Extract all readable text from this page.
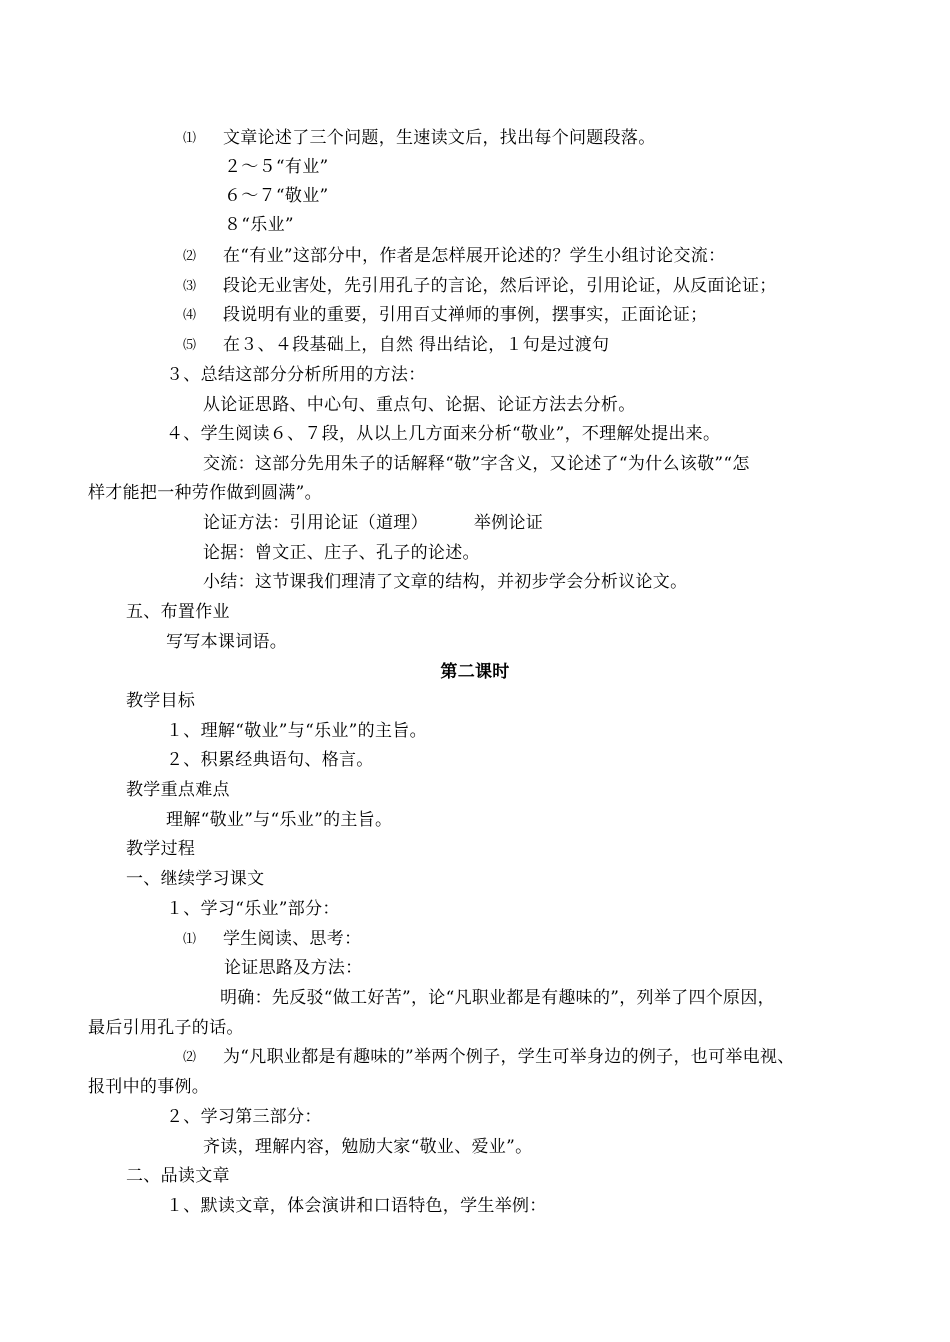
⑴ 文章论述了三个问题，生速读文后，找出每个问题段落。
２～５“有业”
６～７“敬业”
８“乐业”
⑵ 在“有业”这部分中，作者是怎样展开论述的？学生小组讨论交流：
⑶ 段论无业害处，先引用孔子的言论，然后评论，引用论证，从反面论证；
⑷ 段说明有业的重要，引用百丈禅师的事例，摆事实，正面论证；
⑸ 在３、４段基础上，自然 得出结论，１句是过渡句
３、总结这部分分析所用的方法：
从论证思路、中心句、重点句、论据、论证方法去分析。
４、学生阅读６、７段，从以上几方面来分析“敬业”，不理解处提出来。
交流：这部分先用朱子的话解释“敬”字含义，又论述了“为什么该敬”“怎
样才能把一种劳作做到圆满”。
论证方法：引用论证（道理）	举例论证
论据：曾文正、庄子、孔子的论述。
小结：这节课我们理清了文章的结构，并初步学会分析议论文。
五、布置作业
写写本课词语。
第二课时
教学目标
１、理解“敬业”与“乐业”的主旨。
２、积累经典语句、格言。
教学重点难点
理解“敬业”与“乐业”的主旨。
教学过程
一、继续学习课文
１、学习“乐业”部分：
⑴ 学生阅读、思考：
论证思路及方法：
明确：先反驳“做工好苦”，论“凡职业都是有趣味的”，列举了四个原因，
最后引用孔子的话。
⑵ 为“凡职业都是有趣味的”举两个例子，学生可举身边的例子，也可举电视、
报刊中的事例。
２、学习第三部分：
齐读，理解内容，勉励大家“敬业、爱业”。
二、品读文章
１、默读文章，体会演讲和口语特色，学生举例：
